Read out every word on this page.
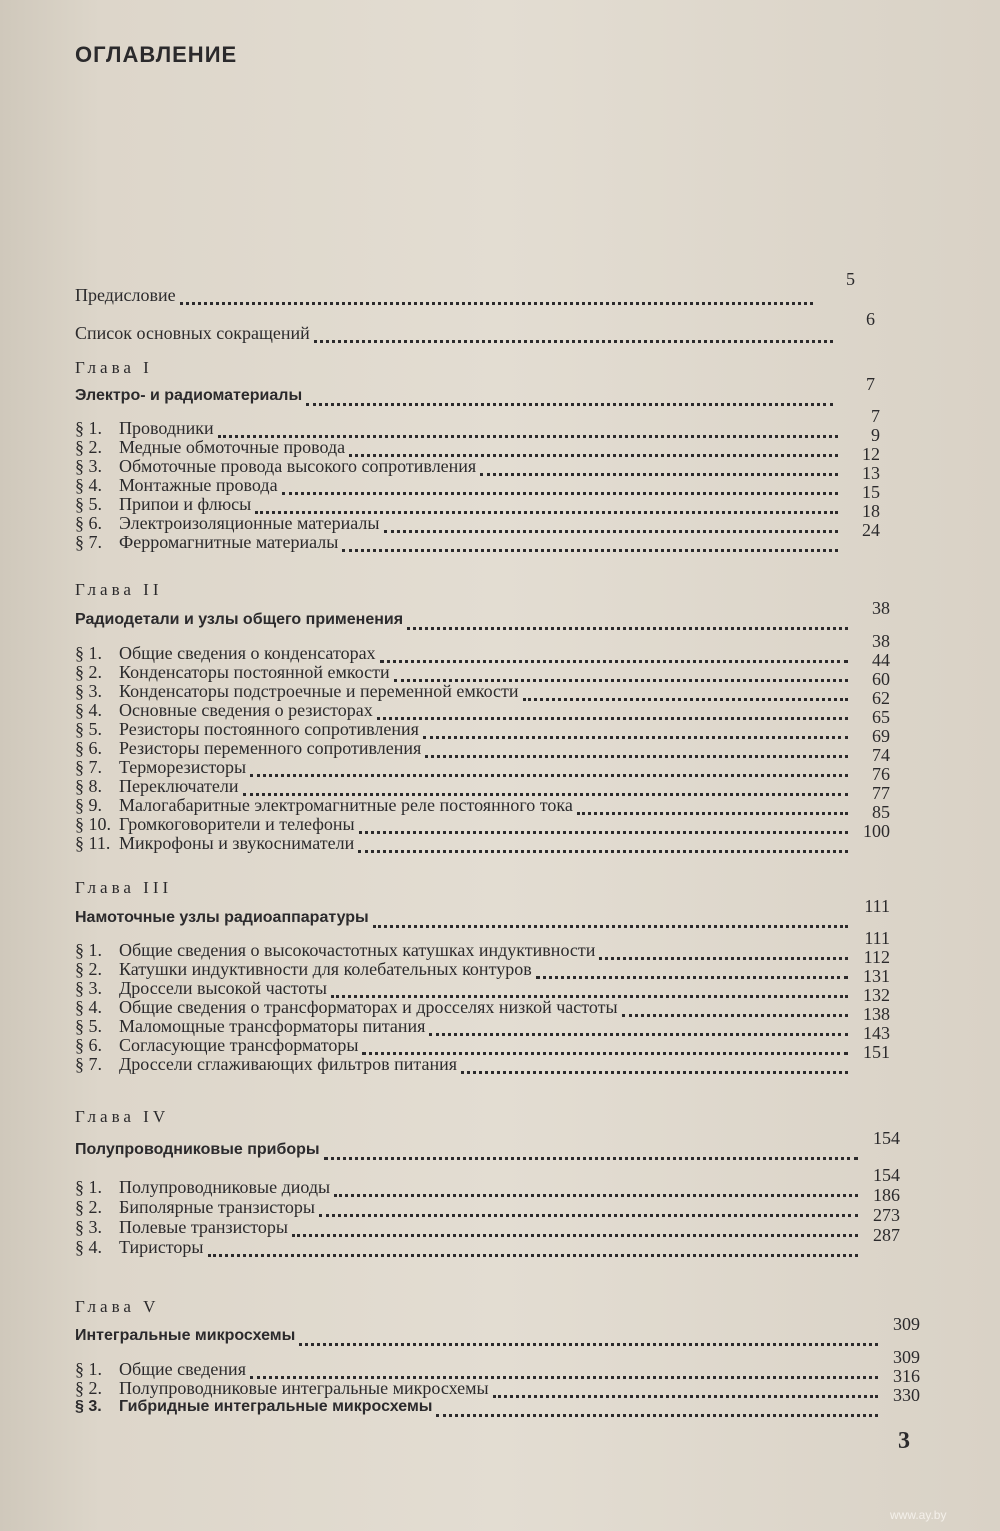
ОГЛАВЛЕНИЕ
Предисловие
5
Список основных сокращений
6
Глава I
Электро- и радиоматериалы
7
§ 1. Проводники
7
§ 2. Медные обмоточные провода
9
§ 3. Обмоточные провода высокого сопротивления
12
§ 4. Монтажные провода
13
§ 5. Припои и флюсы
15
§ 6. Электроизоляционные материалы
18
§ 7. Ферромагнитные материалы
24
Глава II
Радиодетали и узлы общего применения
38
§ 1. Общие сведения о конденсаторах
38
§ 2. Конденсаторы постоянной емкости
44
§ 3. Конденсаторы подстроечные и переменной емкости
60
§ 4. Основные сведения о резисторах
62
§ 5. Резисторы постоянного сопротивления
65
§ 6. Резисторы переменного сопротивления
69
§ 7. Терморезисторы
74
§ 8. Переключатели
76
§ 9. Малогабаритные электромагнитные реле постоянного тока
77
§ 10. Громкоговорители и телефоны
85
§ 11. Микрофоны и звукосниматели
100
Глава III
Намоточные узлы радиоаппаратуры
111
§ 1. Общие сведения о высокочастотных катушках индуктивности
111
§ 2. Катушки индуктивности для колебательных контуров
112
§ 3. Дроссели высокой частоты
131
§ 4. Общие сведения о трансформаторах и дросселях низкой частоты
132
§ 5. Маломощные трансформаторы питания
138
§ 6. Согласующие трансформаторы
143
§ 7. Дроссели сглаживающих фильтров питания
151
Глава IV
Полупроводниковые приборы
154
§ 1. Полупроводниковые диоды
154
§ 2. Биполярные транзисторы
186
§ 3. Полевые транзисторы
273
§ 4. Тиристоры
287
Глава V
Интегральные микросхемы
309
§ 1. Общие сведения
309
§ 2. Полупроводниковые интегральные микросхемы
316
§ 3. Гибридные интегральные микросхемы
330
3
www.ay.by
